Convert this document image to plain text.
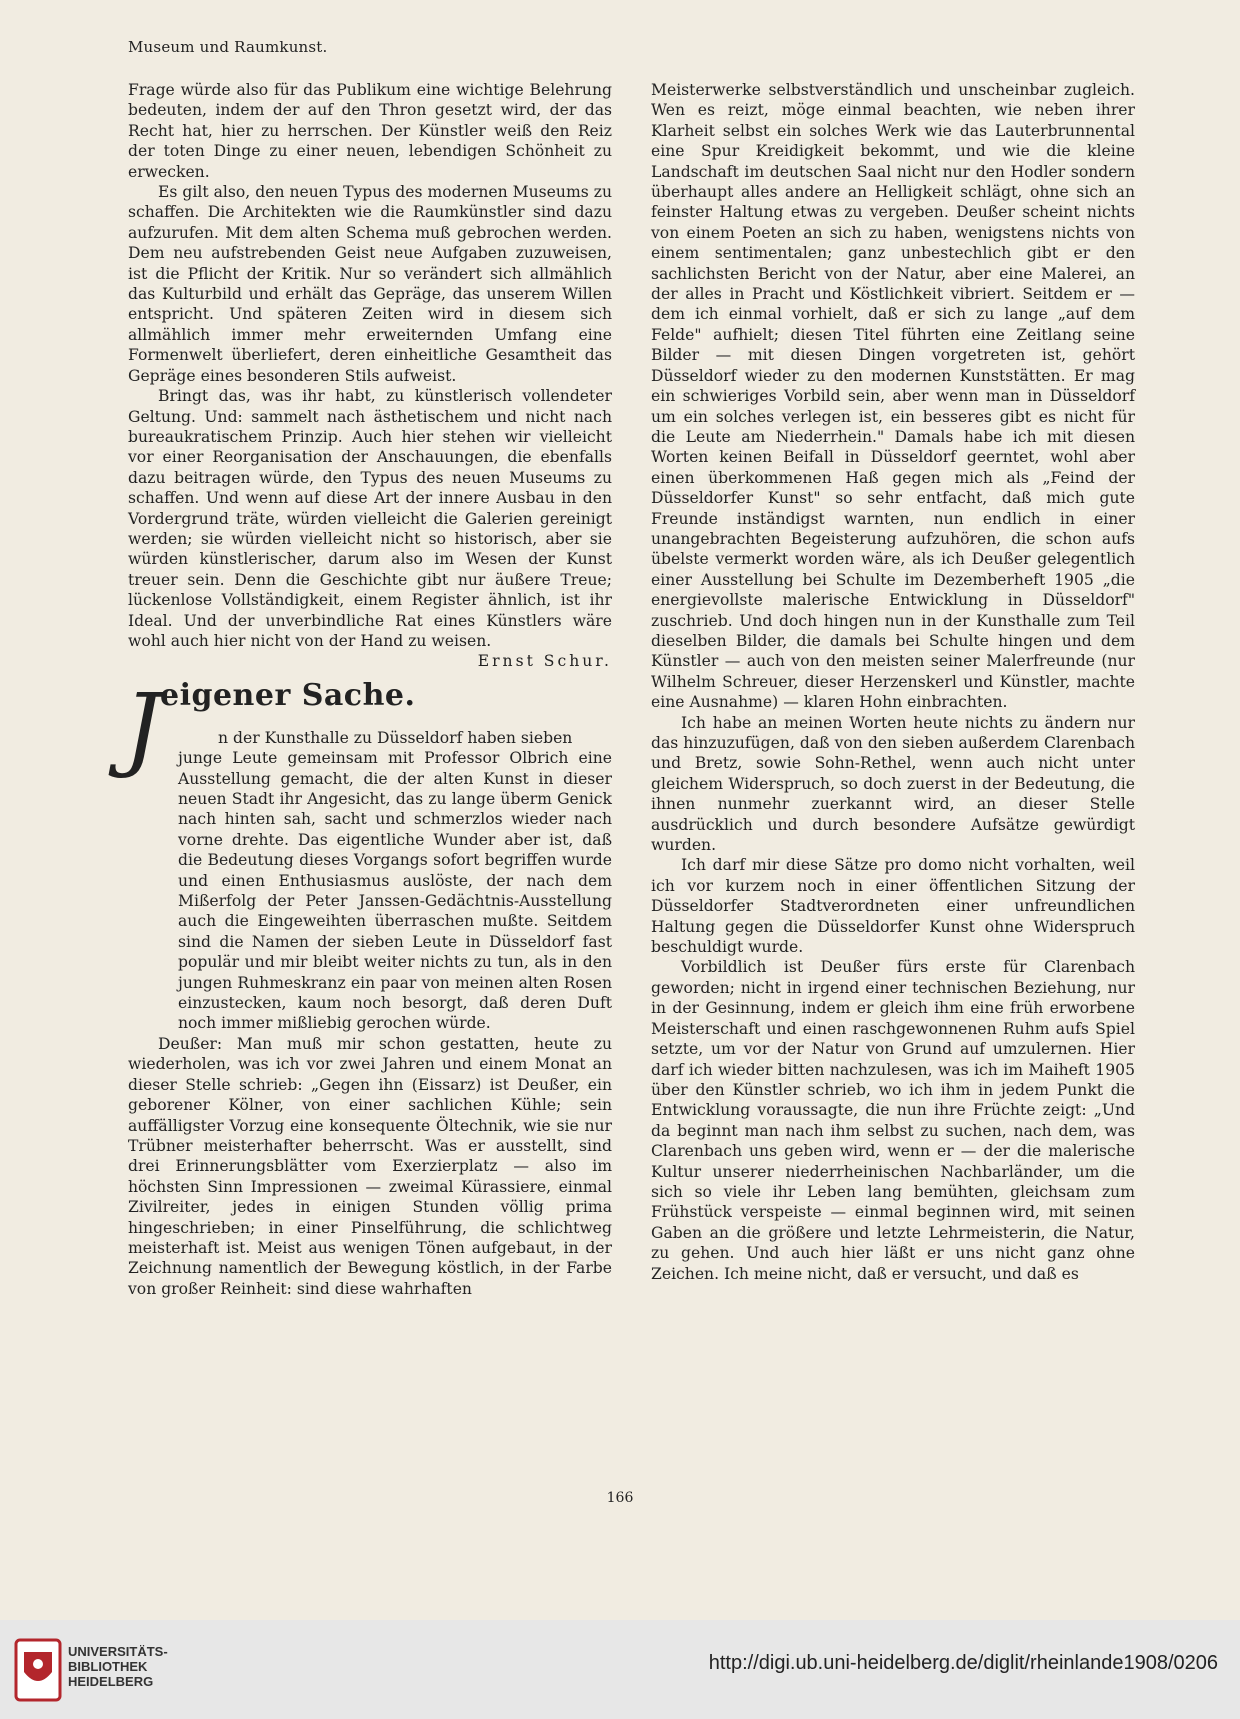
Museum und Raumkunst.

Frage würde also für das Publikum eine wichtige Belehrung bedeuten, indem der auf den Thron gesetzt wird, der das Recht hat, hier zu herrschen. Der Künstler weiß den Reiz der toten Dinge zu einer neuen, lebendigen Schönheit zu erwecken.

Es gilt also, den neuen Typus des modernen Museums zu schaffen. Die Architekten wie die Raumkünstler sind dazu aufzurufen. Mit dem alten Schema muß gebrochen werden. Dem neu aufstrebenden Geist neue Aufgaben zuzuweisen, ist die Pflicht der Kritik. Nur so verändert sich allmählich das Kulturbild und erhält das Gepräge, das unserem Willen entspricht. Und späteren Zeiten wird in diesem sich allmählich immer mehr erweiternden Umfang eine Formenwelt überliefert, deren einheitliche Gesamtheit das Gepräge eines besonderen Stils aufweist.

Bringt das, was ihr habt, zu künstlerisch vollendeter Geltung. Und: sammelt nach ästhetischem und nicht nach bureaukratischem Prinzip. Auch hier stehen wir vielleicht vor einer Reorganisation der Anschauungen, die ebenfalls dazu beitragen würde, den Typus des neuen Museums zu schaffen. Und wenn auf diese Art der innere Ausbau in den Vordergrund träte, würden vielleicht die Galerien gereinigt werden; sie würden vielleicht nicht so historisch, aber sie würden künstlerischer, darum also im Wesen der Kunst treuer sein. Denn die Geschichte gibt nur äußere Treue; lückenlose Vollständigkeit, einem Register ähnlich, ist ihr Ideal. Und der unverbindliche Rat eines Künstlers wäre wohl auch hier nicht von der Hand zu weisen.

Ernst Schur.

J eigener Sache.

n der Kunsthalle zu Düsseldorf haben sieben

junge Leute gemeinsam mit Professor Olbrich eine Ausstellung gemacht, die der alten Kunst in dieser neuen Stadt ihr Angesicht, das zu lange überm Genick nach hinten sah, sacht und schmerzlos wieder nach vorne drehte. Das eigentliche Wunder aber ist, daß die Bedeutung dieses Vorgangs sofort begriffen wurde und einen Enthusiasmus auslöste, der nach dem Mißerfolg der Peter Janssen-Gedächtnis-Ausstellung auch die Eingeweihten überraschen mußte. Seitdem sind die Namen der sieben Leute in Düsseldorf fast populär und mir bleibt weiter nichts zu tun, als in den jungen Ruhmeskranz ein paar von meinen alten Rosen einzustecken, kaum noch besorgt, daß deren Duft noch immer mißliebig gerochen würde.

Deußer: Man muß mir schon gestatten, heute zu wiederholen, was ich vor zwei Jahren und einem Monat an dieser Stelle schrieb: „Gegen ihn (Eissarz) ist Deußer, ein geborener Kölner, von einer sachlichen Kühle; sein auffälligster Vorzug eine konsequente Öltechnik, wie sie nur Trübner meisterhafter beherrscht. Was er ausstellt, sind drei Erinnerungsblätter vom Exerzierplatz — also im höchsten Sinn Impressionen — zweimal Kürassiere, einmal Zivilreiter, jedes in einigen Stunden völlig prima hingeschrieben; in einer Pinselführung, die schlichtweg meisterhaft ist. Meist aus wenigen Tönen aufgebaut, in der Zeichnung namentlich der Bewegung köstlich, in der Farbe von großer Reinheit: sind diese wahrhaften

Meisterwerke selbstverständlich und unscheinbar zugleich. Wen es reizt, möge einmal beachten, wie neben ihrer Klarheit selbst ein solches Werk wie das Lauterbrunnental eine Spur Kreidigkeit bekommt, und wie die kleine Landschaft im deutschen Saal nicht nur den Hodler sondern überhaupt alles andere an Helligkeit schlägt, ohne sich an feinster Haltung etwas zu vergeben. Deußer scheint nichts von einem Poeten an sich zu haben, wenigstens nichts von einem sentimentalen; ganz unbestechlich gibt er den sachlichsten Bericht von der Natur, aber eine Malerei, an der alles in Pracht und Köstlichkeit vibriert. Seitdem er — dem ich einmal vorhielt, daß er sich zu lange „auf dem Felde" aufhielt; diesen Titel führten eine Zeitlang seine Bilder — mit diesen Dingen vorgetreten ist, gehört Düsseldorf wieder zu den modernen Kunststätten. Er mag ein schwieriges Vorbild sein, aber wenn man in Düsseldorf um ein solches verlegen ist, ein besseres gibt es nicht für die Leute am Niederrhein." Damals habe ich mit diesen Worten keinen Beifall in Düsseldorf geerntet, wohl aber einen überkommenen Haß gegen mich als „Feind der Düsseldorfer Kunst" so sehr entfacht, daß mich gute Freunde inständigst warnten, nun endlich in einer unangebrachten Begeisterung aufzuhören, die schon aufs übelste vermerkt worden wäre, als ich Deußer gelegentlich einer Ausstellung bei Schulte im Dezemberheft 1905 „die energievollste malerische Entwicklung in Düsseldorf" zuschrieb. Und doch hingen nun in der Kunsthalle zum Teil dieselben Bilder, die damals bei Schulte hingen und dem Künstler — auch von den meisten seiner Malerfreunde (nur Wilhelm Schreuer, dieser Herzenskerl und Künstler, machte eine Ausnahme) — klaren Hohn einbrachten.

Ich habe an meinen Worten heute nichts zu ändern nur das hinzuzufügen, daß von den sieben außerdem Clarenbach und Bretz, sowie Sohn-Rethel, wenn auch nicht unter gleichem Widerspruch, so doch zuerst in der Bedeutung, die ihnen nunmehr zuerkannt wird, an dieser Stelle ausdrücklich und durch besondere Aufsätze gewürdigt wurden.

Ich darf mir diese Sätze pro domo nicht vorhalten, weil ich vor kurzem noch in einer öffentlichen Sitzung der Düsseldorfer Stadtverordneten einer unfreundlichen Haltung gegen die Düsseldorfer Kunst ohne Widerspruch beschuldigt wurde.

Vorbildlich ist Deußer fürs erste für Clarenbach geworden; nicht in irgend einer technischen Beziehung, nur in der Gesinnung, indem er gleich ihm eine früh erworbene Meisterschaft und einen raschgewonnenen Ruhm aufs Spiel setzte, um vor der Natur von Grund auf umzulernen. Hier darf ich wieder bitten nachzulesen, was ich im Maiheft 1905 über den Künstler schrieb, wo ich ihm in jedem Punkt die Entwicklung voraussagte, die nun ihre Früchte zeigt: „Und da beginnt man nach ihm selbst zu suchen, nach dem, was Clarenbach uns geben wird, wenn er — der die malerische Kultur unserer niederrheinischen Nachbarländer, um die sich so viele ihr Leben lang bemühten, gleichsam zum Frühstück verspeiste — einmal beginnen wird, mit seinen Gaben an die größere und letzte Lehrmeisterin, die Natur, zu gehen. Und auch hier läßt er uns nicht ganz ohne Zeichen. Ich meine nicht, daß er versucht, und daß es

166
UNIVERSITÄTS-
BIBLIOTHEK
HEIDELBERG
http://digi.ub.uni-heidelberg.de/diglit/rheinlande1908/0206
